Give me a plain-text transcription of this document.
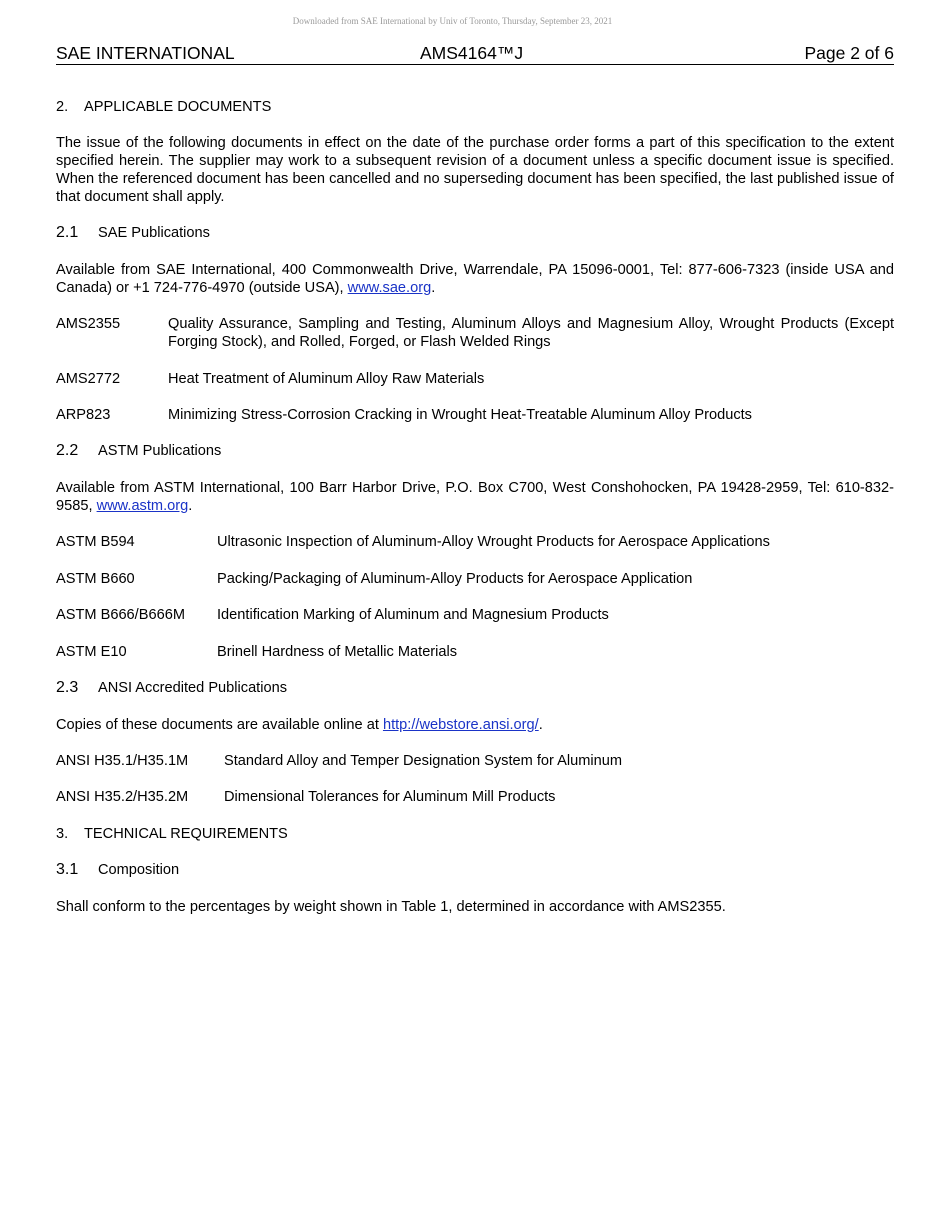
Downloaded from SAE International by Univ of Toronto, Thursday, September 23, 2021
SAE INTERNATIONAL	AMS4164™J	Page 2 of 6
2. APPLICABLE DOCUMENTS
The issue of the following documents in effect on the date of the purchase order forms a part of this specification to the extent specified herein. The supplier may work to a subsequent revision of a document unless a specific document issue is specified. When the referenced document has been cancelled and no superseding document has been specified, the last published issue of that document shall apply.
2.1 SAE Publications
Available from SAE International, 400 Commonwealth Drive, Warrendale, PA 15096-0001, Tel: 877-606-7323 (inside USA and Canada) or +1 724-776-4970 (outside USA), www.sae.org.
AMS2355	Quality Assurance, Sampling and Testing, Aluminum Alloys and Magnesium Alloy, Wrought Products (Except Forging Stock), and Rolled, Forged, or Flash Welded Rings
AMS2772	Heat Treatment of Aluminum Alloy Raw Materials
ARP823	Minimizing Stress-Corrosion Cracking in Wrought Heat-Treatable Aluminum Alloy Products
2.2 ASTM Publications
Available from ASTM International, 100 Barr Harbor Drive, P.O. Box C700, West Conshohocken, PA 19428-2959, Tel: 610-832-9585, www.astm.org.
ASTM B594	Ultrasonic Inspection of Aluminum-Alloy Wrought Products for Aerospace Applications
ASTM B660	Packing/Packaging of Aluminum-Alloy Products for Aerospace Application
ASTM B666/B666M	Identification Marking of Aluminum and Magnesium Products
ASTM E10	Brinell Hardness of Metallic Materials
2.3 ANSI Accredited Publications
Copies of these documents are available online at http://webstore.ansi.org/.
ANSI H35.1/H35.1M	Standard Alloy and Temper Designation System for Aluminum
ANSI H35.2/H35.2M	Dimensional Tolerances for Aluminum Mill Products
3. TECHNICAL REQUIREMENTS
3.1 Composition
Shall conform to the percentages by weight shown in Table 1, determined in accordance with AMS2355.
